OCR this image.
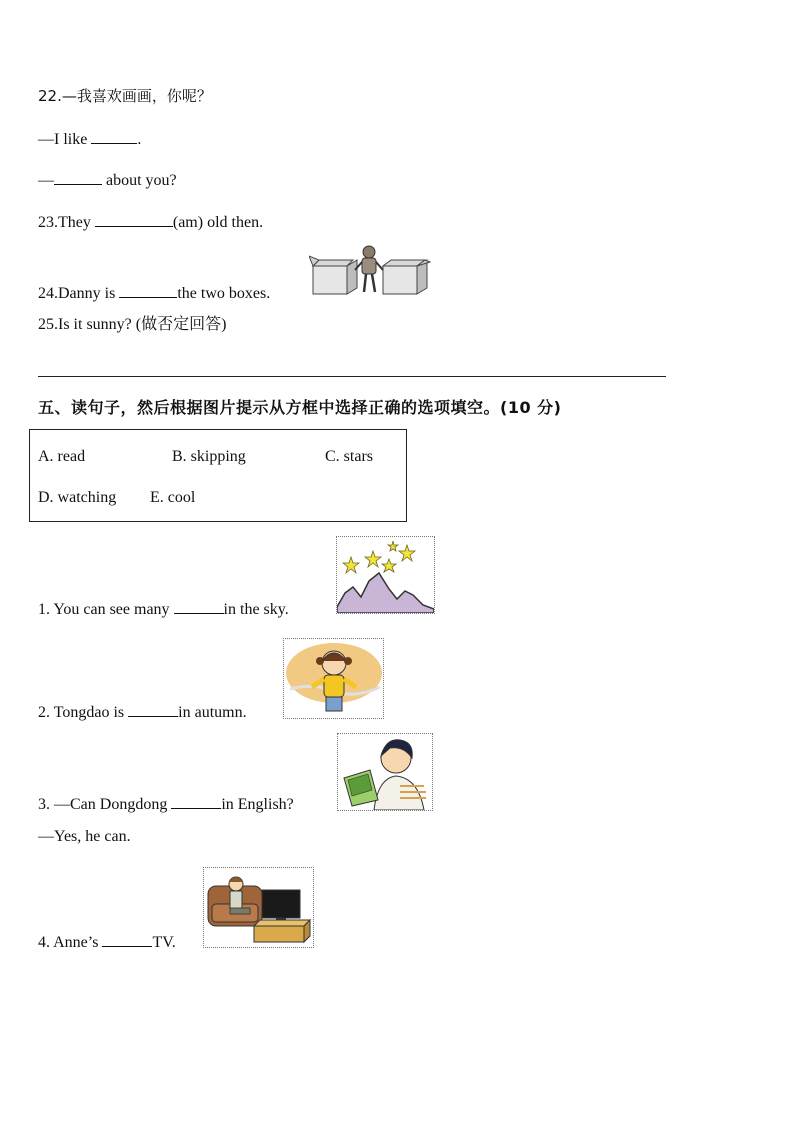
22.—我喜欢画画，你呢？
—I like	.
—	about you?
23.They	(am) old then.
24.Danny is	the two boxes.
25.Is it sunny? (做否定回答)
五、读句子，然后根据图片提示从方框中选择正确的选项填空。(10 分)
A. read	B. skipping	C. stars
D. watching E. cool
1. You can see many	in the sky.
2. Tongdao is	in autumn.
3. —Can Dongdong	in English?
—Yes, he can.
4. Anne’s	TV.
